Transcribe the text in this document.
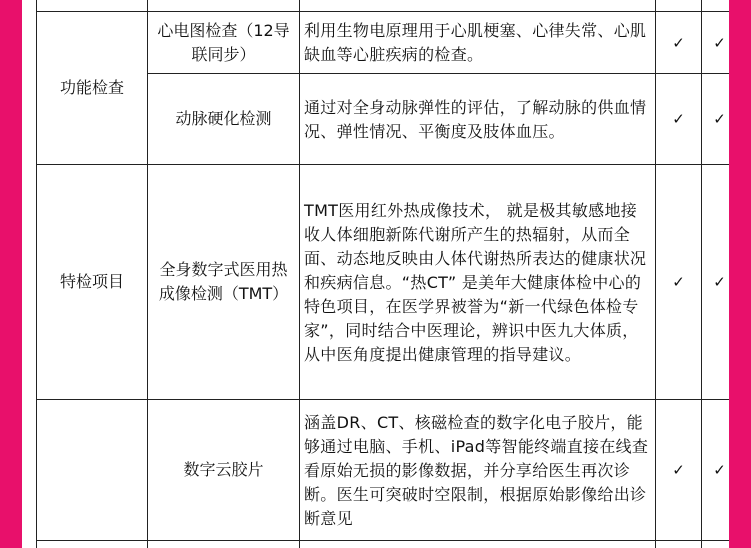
功能检查	心电图检查（12导联同步）	利用生物电原理用于心肌梗塞、心律失常、心肌缺血等心脏疾病的检查。	✓	✓
	动脉硬化检测	通过对全身动脉弹性的评估，了解动脉的供血情况、弹性情况、平衡度及肢体血压。	✓	✓
特检项目	全身数字式医用热成像检测（TMT）	TMT医用红外热成像技术， 就是极其敏感地接收人体细胞新陈代谢所产生的热辐射，从而全面、动态地反映由人体代谢热所表达的健康状况和疾病信息。“热CT” 是美年大健康体检中心的特色项目，在医学界被誉为“新一代绿色体检专家”，同时结合中医理论，辨识中医九大体质，从中医角度提出健康管理的指导建议。	✓	✓
	数字云胶片	涵盖DR、CT、核磁检查的数字化电子胶片，能够通过电脑、手机、iPad等智能终端直接在线查看原始无损的影像数据，并分享给医生再次诊断。医生可突破时空限制，根据原始影像给出诊断意见	✓	✓
